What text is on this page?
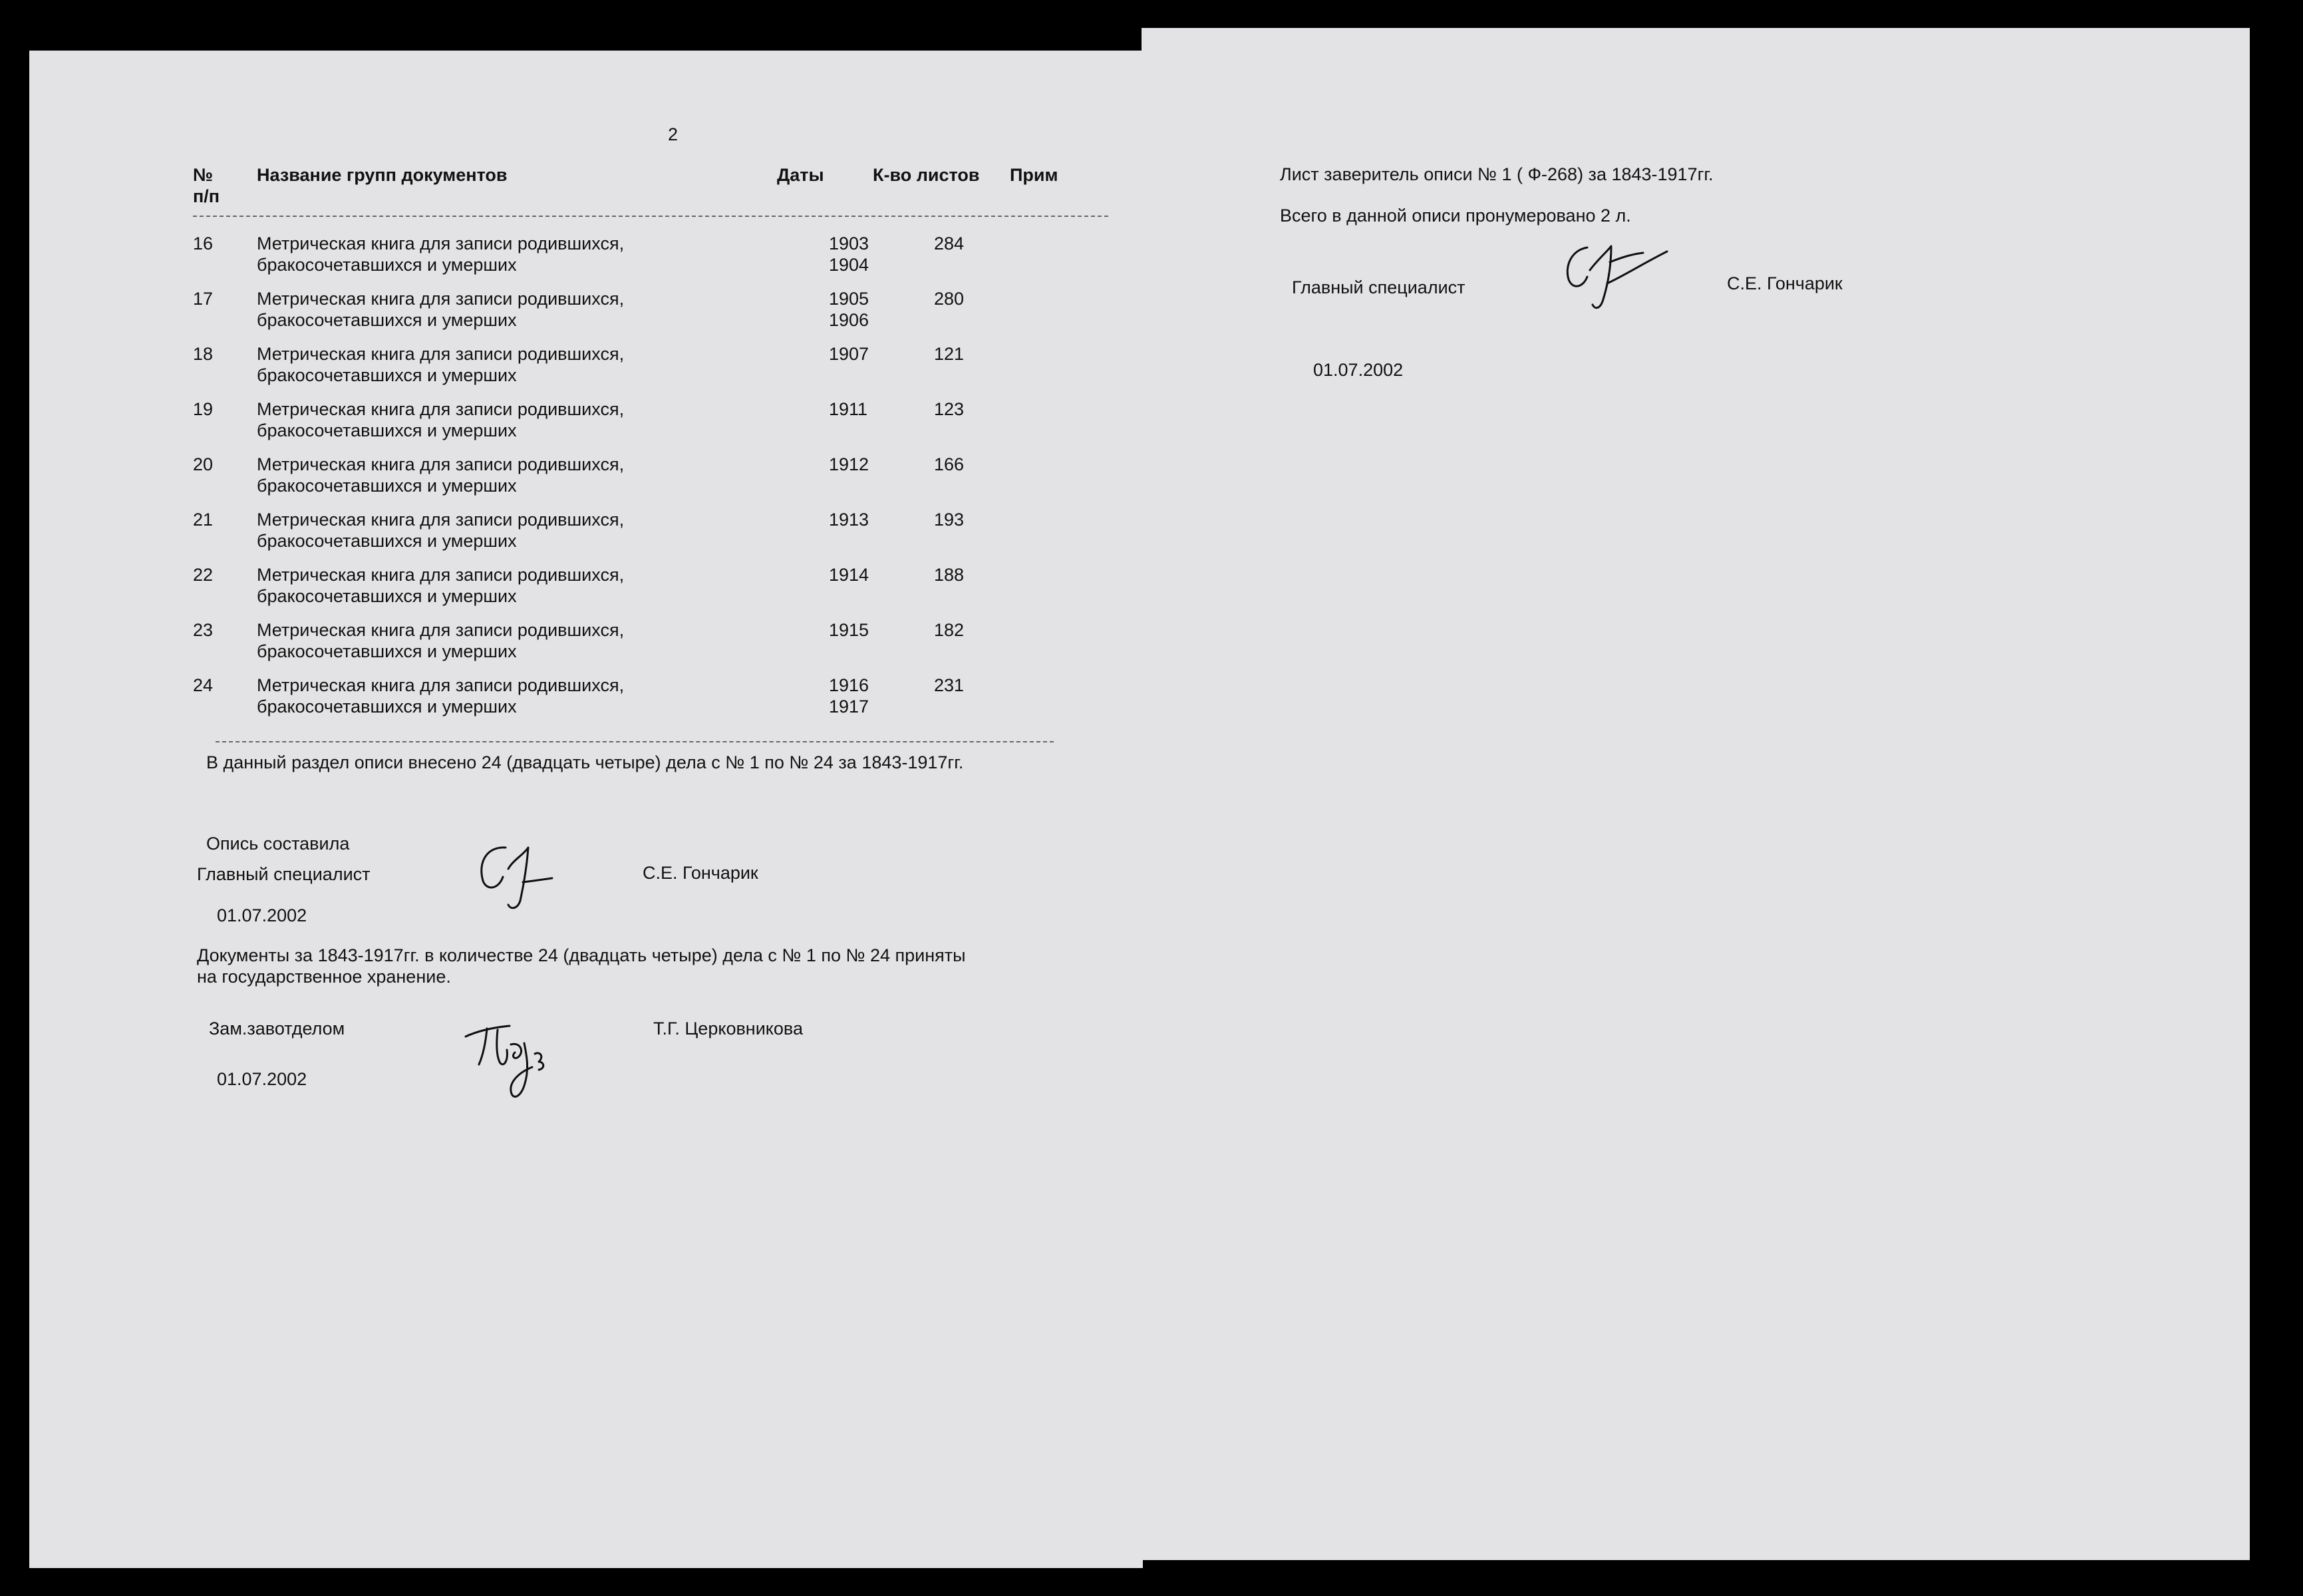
2
№
п/п
Название групп документов	Даты	К-во листов Прим
16 Метрическая книга для записи родившихся,	1903	284
бракосочетавшихся и умерших	1904
17 Метрическая книга для записи родившихся,	1905	280
бракосочетавшихся и умерших	1906
18 Метрическая книга для записи родившихся,	1907	121
бракосочетавшихся и умерших
19 Метрическая книга для записи родившихся,	1911	123
бракосочетавшихся и умерших
20 Метрическая книга для записи родившихся,	1912	166
бракосочетавшихся и умерших
21 Метрическая книга для записи родившихся,	1913	193
бракосочетавшихся и умерших
22 Метрическая книга для записи родившихся,	1914	188
бракосочетавшихся и умерших
23 Метрическая книга для записи родившихся,	1915	182
бракосочетавшихся и умерших
24 Метрическая книга для записи родившихся,	1916	231
бракосочетавшихся и умерших	1917
В данный раздел описи внесено 24 (двадцать четыре) дела с № 1 по № 24 за 1843-1917гг.
Опись составила
Главный специалист	С.Е. Гончарик
01.07.2002
Документы за 1843-1917гг. в количестве 24 (двадцать четыре) дела с № 1 по № 24 приняты
на государственное хранение.
Зам.завотделом	Т.Г. Церковникова
01.07.2002
Лист заверитель описи № 1 ( Ф-268) за 1843-1917гг.
Всего в данной описи пронумеровано 2 л.
Главный специалист	С.Е. Гончарик
01.07.2002
